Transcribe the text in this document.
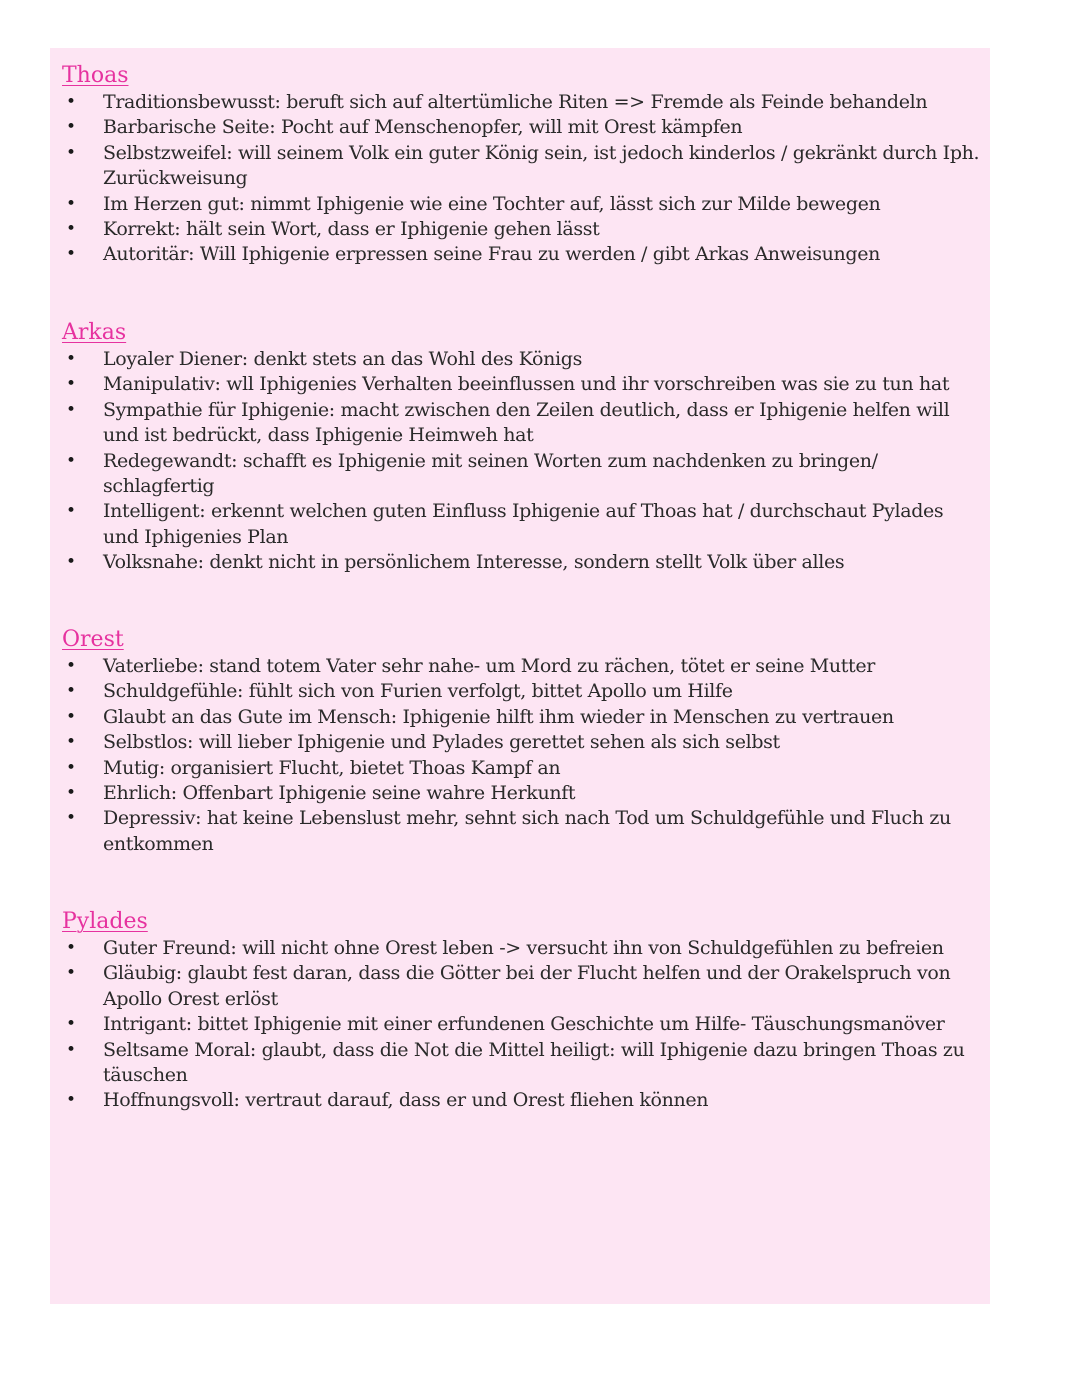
Thoas
• Traditionsbewusst: beruft sich auf altertümliche Riten => Fremde als Feinde behandeln
• Barbarische Seite: Pocht auf Menschenopfer, will mit Orest kämpfen
• Selbstzweifel: will seinem Volk ein guter König sein, ist jedoch kinderlos / gekränkt durch Iph. Zurückweisung
• Im Herzen gut: nimmt Iphigenie wie eine Tochter auf, lässt sich zur Milde bewegen
• Korrekt: hält sein Wort, dass er Iphigenie gehen lässt
• Autoritär: Will Iphigenie erpressen seine Frau zu werden / gibt Arkas Anweisungen
Arkas
• Loyaler Diener: denkt stets an das Wohl des Königs
• Manipulativ: wll Iphigenies Verhalten beeinflussen und ihr vorschreiben was sie zu tun hat
• Sympathie für Iphigenie: macht zwischen den Zeilen deutlich, dass er Iphigenie helfen will und ist bedrückt, dass Iphigenie Heimweh hat
• Redegewandt: schafft es Iphigenie mit seinen Worten zum nachdenken zu bringen/ schlagfertig
• Intelligent: erkennt welchen guten Einfluss Iphigenie auf Thoas hat / durchschaut Pylades und Iphigenies Plan
• Volksnahe: denkt nicht in persönlichem Interesse, sondern stellt Volk über alles
Orest
• Vaterliebe: stand totem Vater sehr nahe- um Mord zu rächen, tötet er seine Mutter
• Schuldgefühle: fühlt sich von Furien verfolgt, bittet Apollo um Hilfe
• Glaubt an das Gute im Mensch: Iphigenie hilft ihm wieder in Menschen zu vertrauen
• Selbstlos: will lieber Iphigenie und Pylades gerettet sehen als sich selbst
• Mutig: organisiert Flucht, bietet Thoas Kampf an
• Ehrlich: Offenbart Iphigenie seine wahre Herkunft
• Depressiv: hat keine Lebenslust mehr, sehnt sich nach Tod um Schuldgefühle und Fluch zu entkommen
Pylades
• Guter Freund: will nicht ohne Orest leben -> versucht ihn von Schuldgefühlen zu befreien
• Gläubig: glaubt fest daran, dass die Götter bei der Flucht helfen und der Orakelspruch von Apollo Orest erlöst
• Intrigant: bittet Iphigenie mit einer erfundenen Geschichte um Hilfe- Täuschungsmanöver
• Seltsame Moral: glaubt, dass die Not die Mittel heiligt: will Iphigenie dazu bringen Thoas zu täuschen
• Hoffnungsvoll: vertraut darauf, dass er und Orest fliehen können
